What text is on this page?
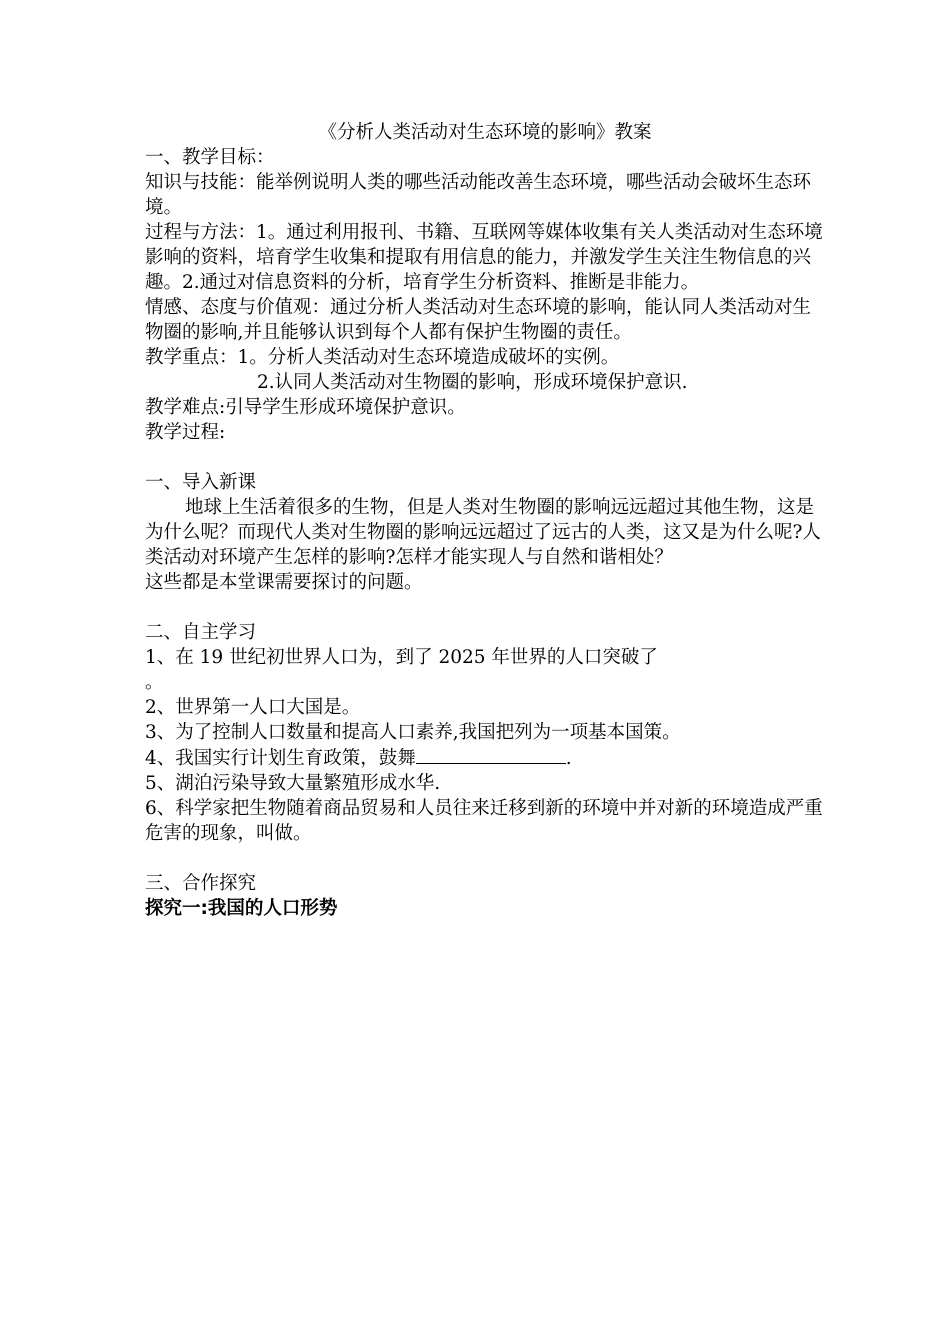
《分析人类活动对生态环境的影响》教案
一、教学目标：
知识与技能：能举例说明人类的哪些活动能改善生态环境，哪些活动会破坏生态环境。
过程与方法：1。通过利用报刊、书籍、互联网等媒体收集有关人类活动对生态环境影响的资料，培育学生收集和提取有用信息的能力，并激发学生关注生物信息的兴趣。2.通过对信息资料的分析，培育学生分析资料、推断是非能力。
情感、态度与价值观：通过分析人类活动对生态环境的影响，能认同人类活动对生物圈的影响,并且能够认识到每个人都有保护生物圈的责任。
教学重点：1。分析人类活动对生态环境造成破坏的实例。
2.认同人类活动对生物圈的影响，形成环境保护意识.
教学难点:引导学生形成环境保护意识。
教学过程:
一、导入新课
地球上生活着很多的生物，但是人类对生物圈的影响远远超过其他生物，这是为什么呢？而现代人类对生物圈的影响远远超过了远古的人类，这又是为什么呢?人类活动对环境产生怎样的影响?怎样才能实现人与自然和谐相处？
这些都是本堂课需要探讨的问题。
二、自主学习
1、在 19 世纪初世界人口为，到了 2025 年世界的人口突破了
。
2、世界第一人口大国是。
3、为了控制人口数量和提高人口素养,我国把列为一项基本国策。
4、我国实行计划生育政策，鼓舞	.
5、湖泊污染导致大量繁殖形成水华.
6、科学家把生物随着商品贸易和人员往来迁移到新的环境中并对新的环境造成严重危害的现象，叫做。
三、合作探究
探究一:我国的人口形势
